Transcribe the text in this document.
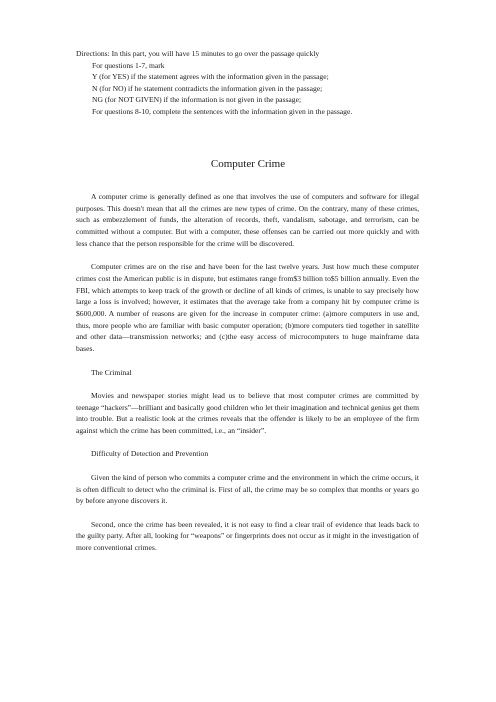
Directions: In this part, you will have 15 minutes to go over the passage quickly
For questions 1-7, mark
Y (for YES) if the statement agrees with the information given in the passage;
N (for NO) if he statement contradicts the information given in the passage;
NG (for NOT GIVEN) if the information is not given in the passage;
For questions 8-10, complete the sentences with the information given in the passage.
Computer Crime

A computer crime is generally defined as one that involves the use of computers and software for illegal purposes. This doesn't mean that all the crimes are new types of crime. On the contrary, many of these crimes, such as embezzlement of funds, the alteration of records, theft, vandalism, sabotage, and terrorism, can be committed without a computer. But with a computer, these offenses can be carried out more quickly and with less chance that the person responsible for the crime will be discovered.

Computer crimes are on the rise and have been for the last twelve years. Just how much these computer crimes cost the American public is in dispute, but estimates range from$3 billion to$5 billion annually. Even the FBI, which attempts to keep track of the growth or decline of all kinds of crimes, is unable to say precisely how large a loss is involved; however, it estimates that the average take from a company hit by computer crime is $600,000. A number of reasons are given for the increase in computer crime: (a)more computers in use and, thus, more people who are familiar with basic computer operation; (b)more computers tied together in satellite and other data—transmission networks; and (c)the easy access of microcomputers to huge mainframe data bases.

The Criminal

Movies and newspaper stories might lead us to believe that most computer crimes are committed by teenage “hackers”—brilliant and basically good children who let their imagination and technical genius get them into trouble. But a realistic look at the crimes reveals that the offender is likely to be an employee of the firm against which the crime has been committed, i.e., an “insider”.

Difficulty of Detection and Prevention

Given the kind of person who commits a computer crime and the environment in which the crime occurs, it is often difficult to detect who the criminal is. First of all, the crime may be so complex that months or years go by before anyone discovers it.

Second, once the crime has been revealed, it is not easy to find a clear trail of evidence that leads back to the guilty party. After all, looking for “weapons” or fingerprints does not occur as it might in the investigation of more conventional crimes.
